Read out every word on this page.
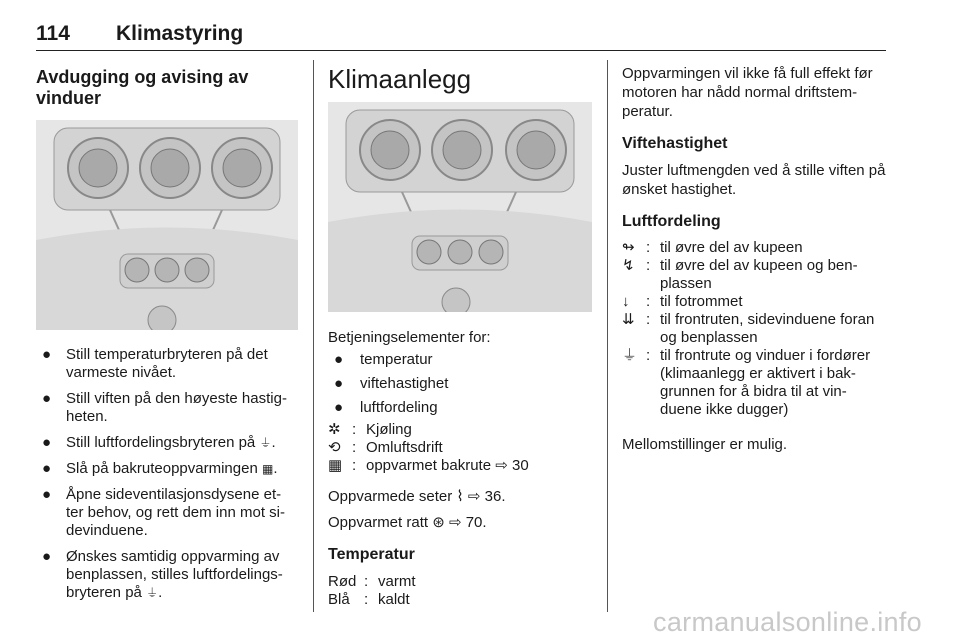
114 Klimastyring
Avdugging og avising av vinduer
● Still temperaturbryteren på det varmeste nivået.
● Still viften på den høyeste hastig-heten.
● Still luftfordelingsbryteren på ⏚.
● Slå på bakruteoppvarmingen ▦.
● Åpne sideventilasjonsdysene et-ter behov, og rett dem inn mot si-devinduene.
● Ønskes samtidig oppvarming av benplassen, stilles luftfordelings-bryteren på ⏚.
Klimaanlegg

Betjeningselementer for:

● temperatur
● viftehastighet
● luftfordeling
✲ : Kjøling
⟲ : Omluftsdrift
▦ : oppvarmet bakrute ⇨ 30

Oppvarmede seter ⌇ ⇨ 36.

Oppvarmet ratt ⊛ ⇨ 70.

Temperatur
Rød : varmt
Blå : kaldt

Oppvarmingen vil ikke få full effekt før motoren har nådd normal driftstem-peratur.

Viftehastighet

Juster luftmengden ved å stille viften på ønsket hastighet.

Luftfordeling
↬ : til øvre del av kupeen
↯ : til øvre del av kupeen og ben-plassen
↓	: til fotrommet
⇊ : til frontruten, sidevinduene foran og benplassen
⏚ : til frontrute og vinduer i fordører (klimaanlegg er aktivert i bak-grunnen for å bidra til at vin-duene ikke dugger)

Mellomstillinger er mulig.

carmanualsonline.info
